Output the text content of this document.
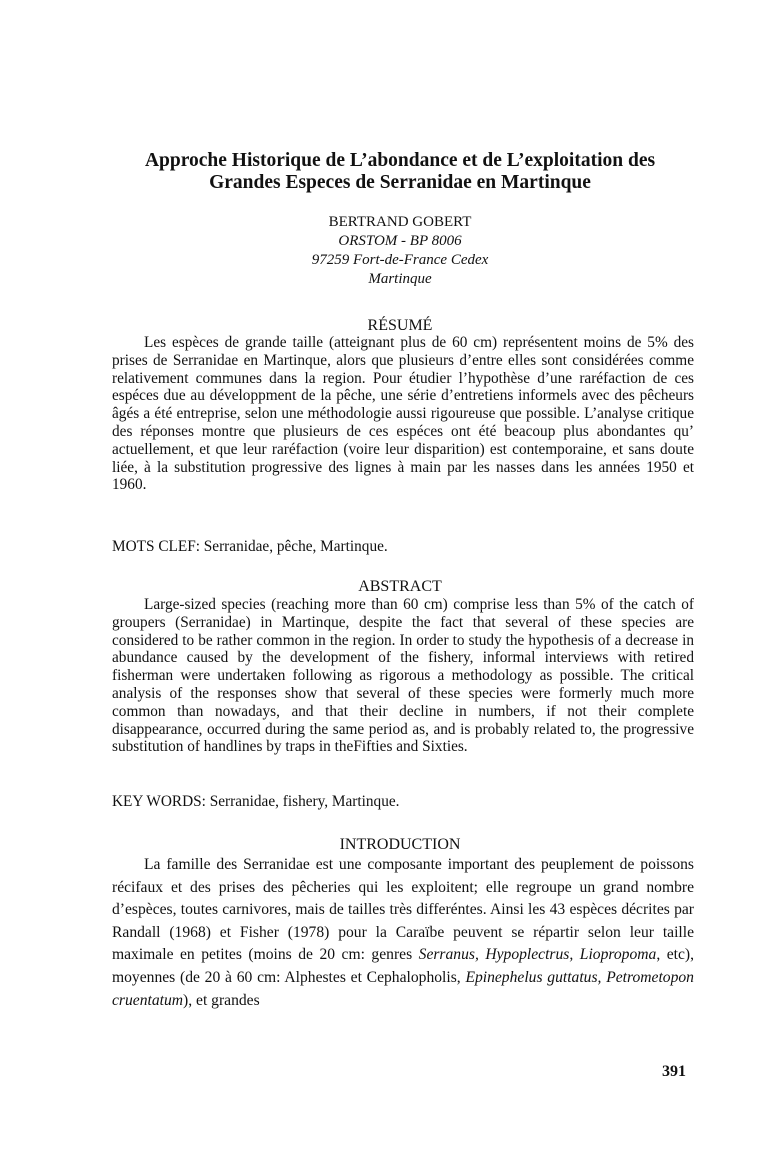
Approche Historique de L’abondance et de L’exploitation des
Grandes Especes de Serranidae en Martinque
BERTRAND GOBERT
ORSTOM - BP 8006
97259 Fort-de-France Cedex
Martinque
RÉSUMÉ

Les espèces de grande taille (atteignant plus de 60 cm) représentent moins de 5% des prises de Serranidae en Martinque, alors que plusieurs d’entre elles sont considérées comme relativement communes dans la region. Pour étudier l’hypothèse d’une raréfaction de ces espéces due au développment de la pêche, une série d’entretiens informels avec des pêcheurs âgés a été entreprise, selon une méthodologie aussi rigoureuse que possible. L’analyse critique des réponses montre que plusieurs de ces espéces ont été beacoup plus abondantes qu’ actuellement, et que leur raréfaction (voire leur disparition) est contemporaine, et sans doute liée, à la substitution progressive des lignes à main par les nasses dans les années 1950 et 1960.

MOTS CLEF: Serranidae, pêche, Martinque.
ABSTRACT

Large-sized species (reaching more than 60 cm) comprise less than 5% of the catch of groupers (Serranidae) in Martinque, despite the fact that several of these species are considered to be rather common in the region. In order to study the hypothesis of a decrease in abundance caused by the development of the fishery, informal interviews with retired fisherman were undertaken following as rigorous a methodology as possible. The critical analysis of the responses show that several of these species were formerly much more common than nowadays, and that their decline in numbers, if not their complete disappearance, occurred during the same period as, and is probably related to, the progressive substitution of handlines by traps in theFifties and Sixties.

KEY WORDS: Serranidae, fishery, Martinque.
INTRODUCTION

La famille des Serranidae est une composante important des peuplement de poissons récifaux et des prises des pêcheries qui les exploitent; elle regroupe un grand nombre d’espèces, toutes carnivores, mais de tailles très differéntes. Ainsi les 43 espèces décrites par Randall (1968) et Fisher (1978) pour la Caraïbe peuvent se répartir selon leur taille maximale en petites (moins de 20 cm: genres Serranus, Hypoplectrus, Liopropoma, etc), moyennes (de 20 à 60 cm: Alphestes et Cephalopholis, Epinephelus guttatus, Petrometopon cruentatum), et grandes

391
